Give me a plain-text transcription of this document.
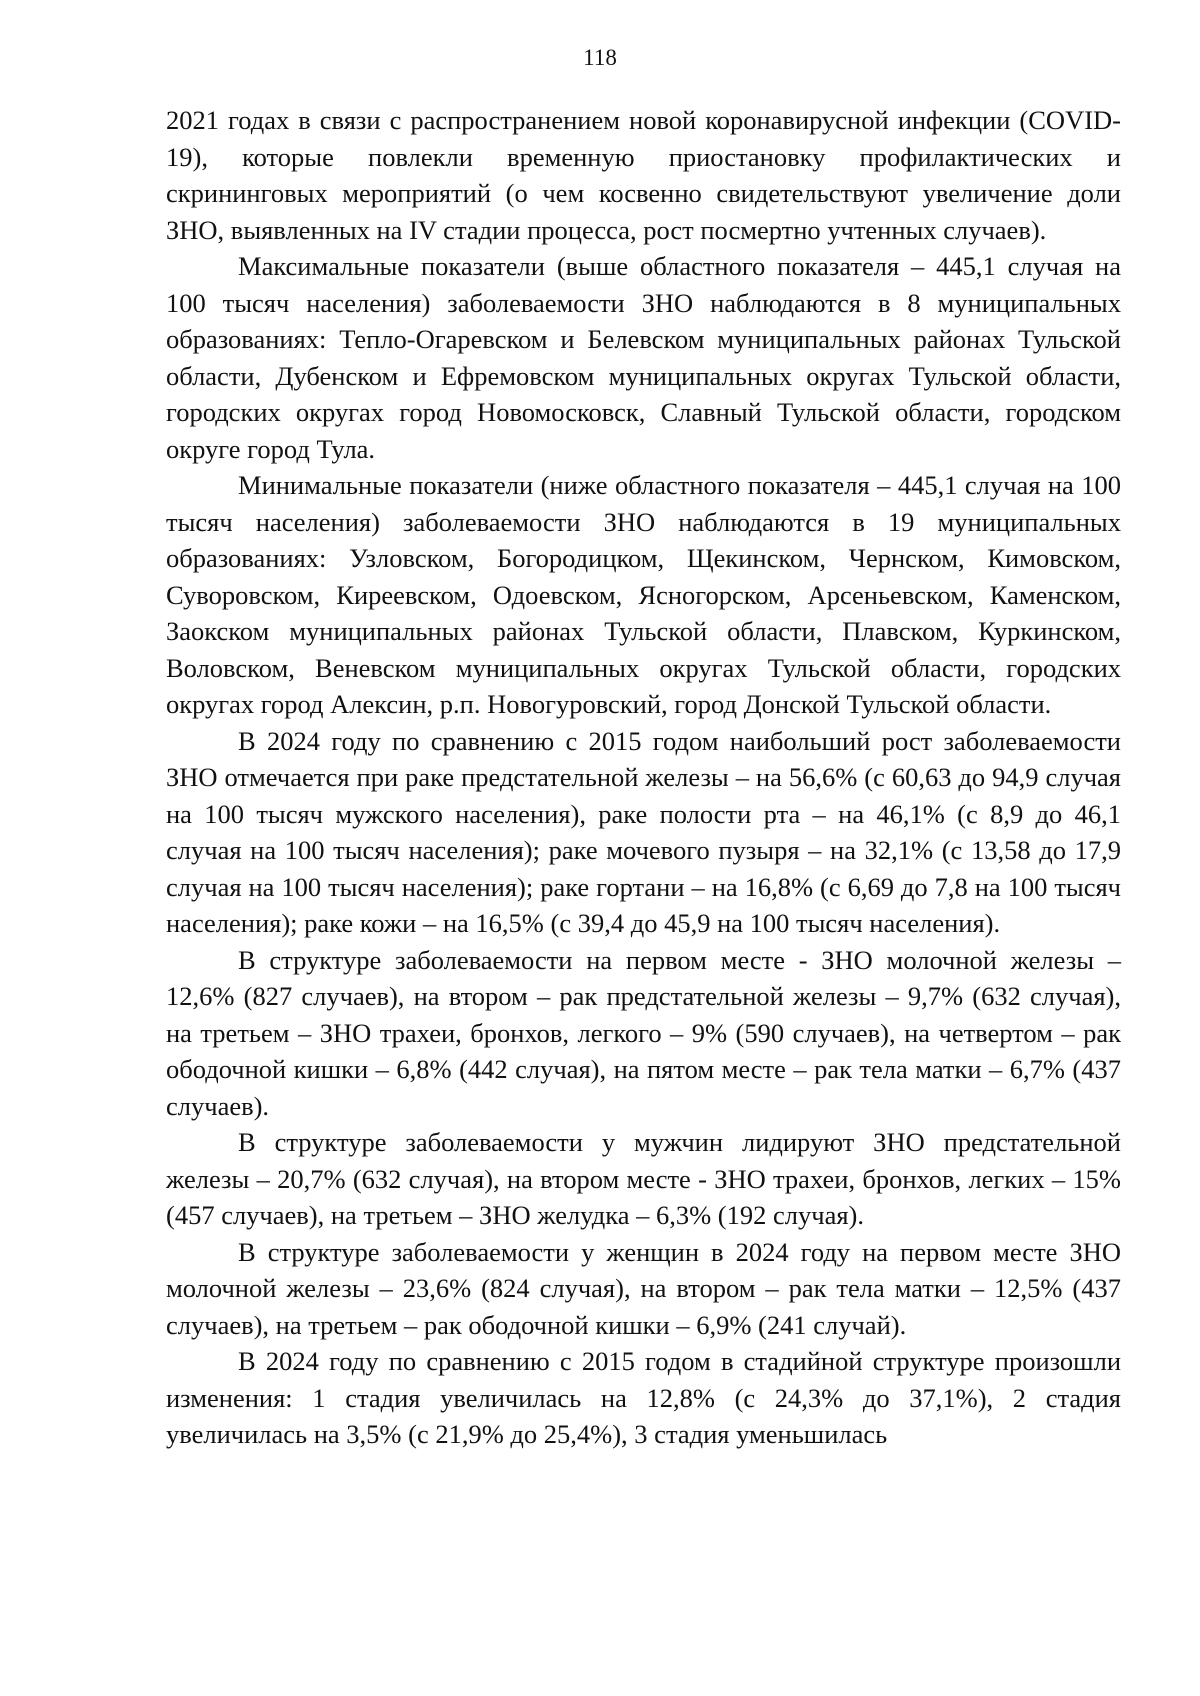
118

2021 годах в связи с распространением новой коронавирусной инфекции (COVID-19), которые повлекли временную приостановку профилактических и скрининговых мероприятий (о чем косвенно свидетельствуют увеличение доли ЗНО, выявленных на IV стадии процесса, рост посмертно учтенных случаев).

Максимальные показатели (выше областного показателя – 445,1 случая на 100 тысяч населения) заболеваемости ЗНО наблюдаются в 8 муниципальных образованиях: Тепло-Огаревском и Белевском муниципальных районах Тульской области, Дубенском и Ефремовском муниципальных округах Тульской области, городских округах город Новомосковск, Славный Тульской области, городском округе город Тула.

Минимальные показатели (ниже областного показателя – 445,1 случая на 100 тысяч населения) заболеваемости ЗНО наблюдаются в 19 муниципальных образованиях: Узловском, Богородицком, Щекинском, Чернском, Кимовском, Суворовском, Киреевском, Одоевском, Ясногорском, Арсеньевском, Каменском, Заокском муниципальных районах Тульской области, Плавском, Куркинском, Воловском, Веневском муниципальных округах Тульской области, городских округах город Алексин, р.п. Новогуровский, город Донской Тульской области.

В 2024 году по сравнению с 2015 годом наибольший рост заболеваемости ЗНО отмечается при раке предстательной железы – на 56,6% (с 60,63 до 94,9 случая на 100 тысяч мужского населения), раке полости рта – на 46,1% (с 8,9 до 46,1 случая на 100 тысяч населения); раке мочевого пузыря – на 32,1% (с 13,58 до 17,9 случая на 100 тысяч населения); раке гортани – на 16,8% (с 6,69 до 7,8 на 100 тысяч населения); раке кожи – на 16,5% (с 39,4 до 45,9 на 100 тысяч населения).

В структуре заболеваемости на первом месте - ЗНО молочной железы – 12,6% (827 случаев), на втором – рак предстательной железы – 9,7% (632 случая), на третьем – ЗНО трахеи, бронхов, легкого – 9% (590 случаев), на четвертом – рак ободочной кишки – 6,8% (442 случая), на пятом месте – рак тела матки – 6,7% (437 случаев).

В структуре заболеваемости у мужчин лидируют ЗНО предстательной железы – 20,7% (632 случая), на втором месте - ЗНО трахеи, бронхов, легких – 15% (457 случаев), на третьем – ЗНО желудка – 6,3% (192 случая).

В структуре заболеваемости у женщин в 2024 году на первом месте ЗНО молочной железы – 23,6% (824 случая), на втором – рак тела матки – 12,5% (437 случаев), на третьем – рак ободочной кишки – 6,9% (241 случай).

В 2024 году по сравнению с 2015 годом в стадийной структуре произошли изменения: 1 стадия увеличилась на 12,8% (с 24,3% до 37,1%), 2 стадия увеличилась на 3,5% (с 21,9% до 25,4%), 3 стадия уменьшилась
